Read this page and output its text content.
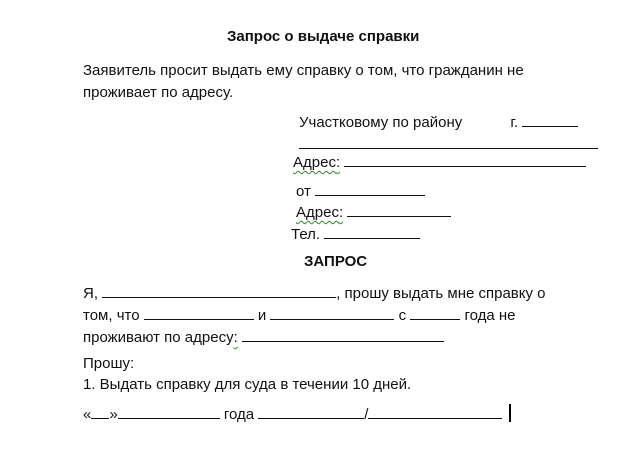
Запрос о выдаче справки
Заявитель просит выдать ему справку о том, что гражданин не
проживает по адресу.
Участковому по району	г.
Адрес:
от
Адрес:
Тел.
ЗАПРОС
Я,	, прошу выдать мне справку о
том, что	и	с	года не
проживают по адресу:
Прошу:
1. Выдать справку для суда в течении 10 дней.
« »	года	/
